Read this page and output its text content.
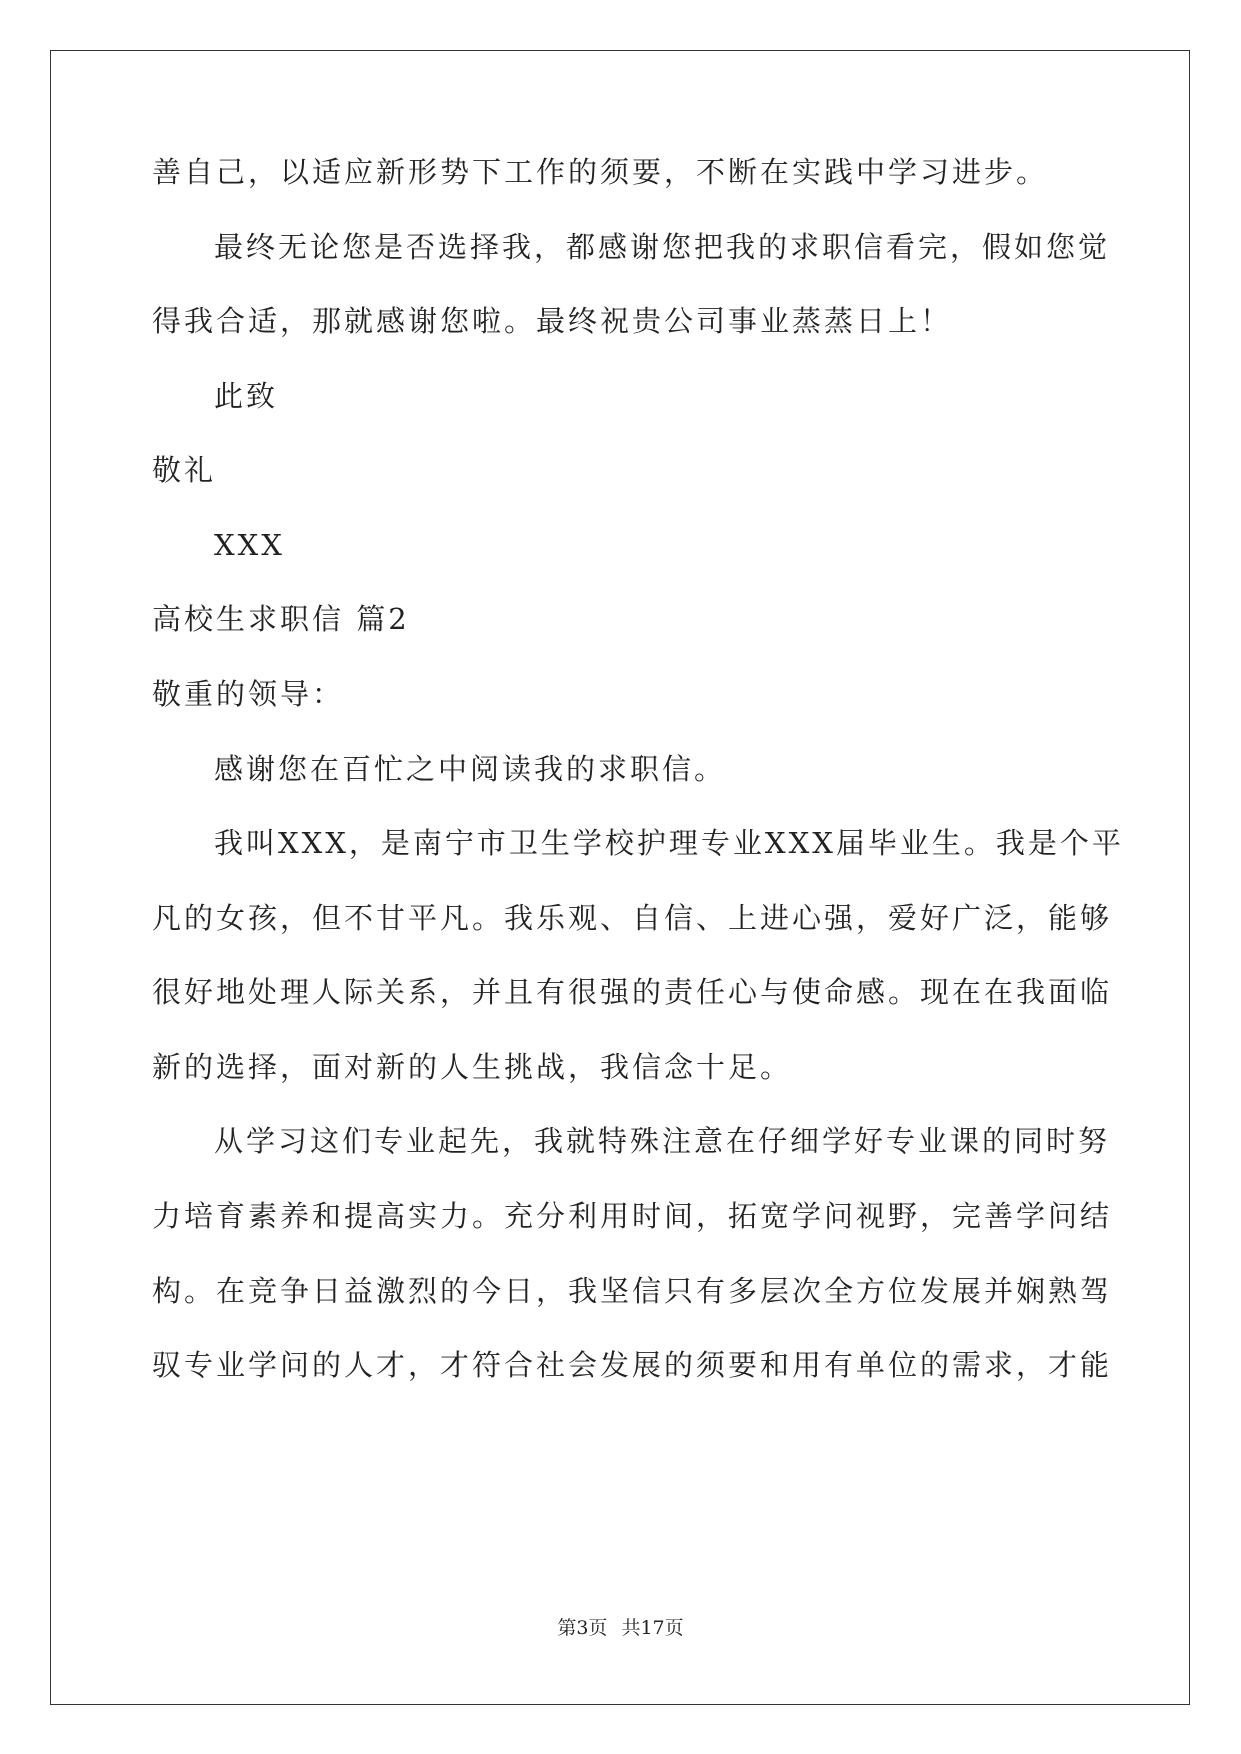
善自己，以适应新形势下工作的须要，不断在实践中学习进步。
最终无论您是否选择我，都感谢您把我的求职信看完，假如您觉
得我合适，那就感谢您啦。最终祝贵公司事业蒸蒸日上！
此致
敬礼
XXX
高校生求职信 篇2
敬重的领导：
感谢您在百忙之中阅读我的求职信。
我叫XXX，是南宁市卫生学校护理专业XXX届毕业生。我是个平
凡的女孩，但不甘平凡。我乐观、自信、上进心强，爱好广泛，能够
很好地处理人际关系，并且有很强的责任心与使命感。现在在我面临
新的选择，面对新的人生挑战，我信念十足。
从学习这们专业起先，我就特殊注意在仔细学好专业课的同时努
力培育素养和提高实力。充分利用时间，拓宽学问视野，完善学问结
构。在竞争日益激烈的今日，我坚信只有多层次全方位发展并娴熟驾
驭专业学问的人才，才符合社会发展的须要和用有单位的需求，才能
第3页 共17页
